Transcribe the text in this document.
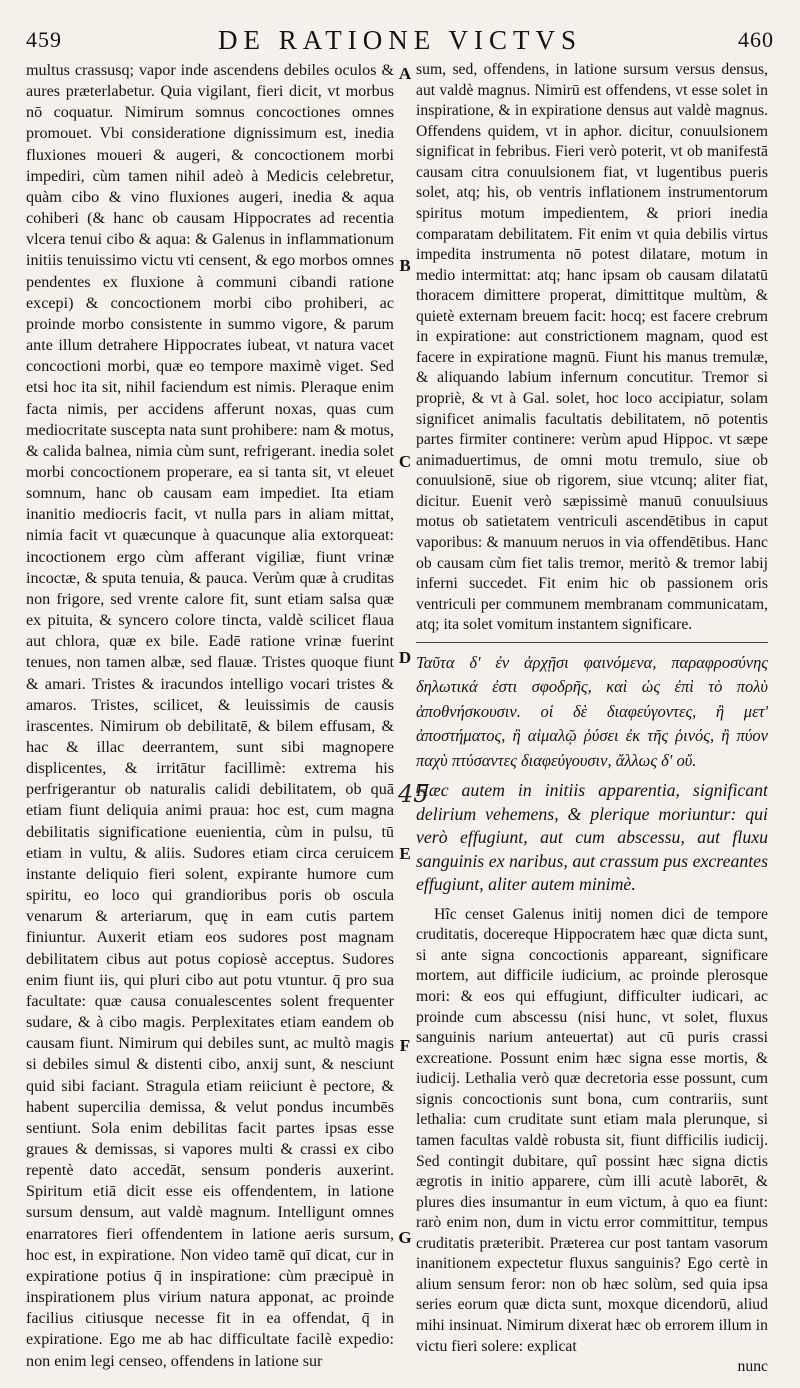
459	DE RATIONE VICTVS	460

multus crassusq; vapor inde ascendens debiles oculos & aures præterlabetur. Quia vigilant, fieri dicit, vt morbus nō coquatur. Nimirum somnus concoctiones omnes promouet. Vbi consideratione dignissimum est, inedia fluxiones moueri & augeri, & concoctionem morbi impediri, cùm tamen nihil adeò à Medicis celebretur, quàm cibo & vino fluxiones augeri, inedia & aqua cohiberi (& hanc ob causam Hippocrates ad recentia vlcera tenui cibo & aqua: & Galenus in inflammationum initiis tenuissimo victu vti censent, & ego morbos omnes pendentes ex fluxione à communi cibandi ratione excepi) & concoctionem morbi cibo prohiberi, ac proinde morbo consistente in summo vigore, & parum ante illum detrahere Hippocrates iubeat, vt natura vacet concoctioni morbi, quæ eo tempore maximè viget. Sed etsi hoc ita sit, nihil faciendum est nimis. Pleraque enim facta nimis, per accidens afferunt noxas, quas cum mediocritate suscepta nata sunt prohibere: nam & motus, & calida balnea, nimia cùm sunt, refrigerant. inedia solet morbi concoctionem properare, ea si tanta sit, vt eleuet somnum, hanc ob causam eam impediet. Ita etiam inanitio mediocris facit, vt nulla pars in aliam mittat, nimia facit vt quæcunque à quacunque alia extorqueat: incoctionem ergo cùm afferant vigiliæ, fiunt vrinæ incoctæ, & sputa tenuia, & pauca. Verùm quæ à cruditas non frigore, sed vrente calore fit, sunt etiam salsa quæ ex pituita, & syncero colore tincta, valdè scilicet flaua aut chlora, quæ ex bile. Eadē ratione vrinæ fuerint tenues, non tamen albæ, sed flauæ. Tristes quoque fiunt & amari. Tristes & iracundos intelligo vocari tristes & amaros. Tristes, scilicet, & leuissimis de causis irascentes. Nimirum ob debilitatē, & bilem effusam, & hac & illac deerrantem, sunt sibi magnopere displicentes, & irritātur facillimè: extrema his perfrigerantur ob naturalis calidi debilitatem, ob quā etiam fiunt deliquia animi praua: hoc est, cum magna debilitatis significatione euenientia, cùm in pulsu, tū etiam in vultu, & aliis. Sudores etiam circa ceruicem instante deliquio fieri solent, expirante humore cum spiritu, eo loco qui grandioribus poris ob oscula venarum & arteriarum, quę in eam cutis partem finiuntur. Auxerit etiam eos sudores post magnam debilitatem cibus aut potus copiosè acceptus. Sudores enim fiunt iis, qui pluri cibo aut potu vtuntur. q̄ pro sua facultate: quæ causa conualescentes solent frequenter sudare, & à cibo magis. Perplexitates etiam eandem ob causam fiunt. Nimirum qui debiles sunt, ac multò magis si debiles simul & distenti cibo, anxij sunt, & nesciunt quid sibi faciant. Stragula etiam reiiciunt è pectore, & habent supercilia demissa, & velut pondus incumbēs sentiunt. Sola enim debilitas facit partes ipsas esse graues & demissas, si vapores multi & crassi ex cibo repentè dato accedāt, sensum ponderis auxerint. Spiritum etiā dicit esse eis offendentem, in latione sursum densum, aut valdè magnum. Intelligunt omnes enarratores fieri offendentem in latione aeris sursum, hoc est, in expiratione. Non video tamē quī dicat, cur in expiratione potius q̄ in inspiratione: cùm præcipuè in inspirationem plus virium natura apponat, ac proinde facilius citiusque necesse fit in ea offendat, q̄ in expiratione. Ego me ab hac difficultate facilè expedio: non enim legi censeo, offendens in latione sur

A
B
C
D
E
F
G
45

sum, sed, offendens, in latione sursum versus densus, aut valdè magnus. Nimirū est offendens, vt esse solet in inspiratione, & in expiratione densus aut valdè magnus. Offendens quidem, vt in aphor. dicitur, conuulsionem significat in febribus. Fieri verò poterit, vt ob manifestā causam citra conuulsionem fiat, vt lugentibus pueris solet, atq; his, ob ventris inflationem instrumentorum spiritus motum impedientem, & priori inedia comparatam debilitatem. Fit enim vt quia debilis virtus impedita instrumenta nō potest dilatare, motum in medio intermittat: atq; hanc ipsam ob causam dilatatū thoracem dimittere properat, dimittitque multùm, & quietè externam breuem facit: hocq; est facere crebrum in expiratione: aut constrictionem magnam, quod est facere in expiratione magnū. Fiunt his manus tremulæ, & aliquando labium infernum concutitur. Tremor si propriè, & vt à Gal. solet, hoc loco accipiatur, solam significet animalis facultatis debilitatem, nō potentis partes firmiter continere: verùm apud Hippoc. vt sæpe animaduertimus, de omni motu tremulo, siue ob conuulsionē, siue ob rigorem, siue vtcunq; aliter fiat, dicitur. Euenit verò sæpissimè manuū conuulsiuus motus ob satietatem ventriculi ascendētibus in caput vaporibus: & manuum neruos in via offendētibus. Hanc ob causam cùm fiet talis tremor, meritò & tremor labij inferni succedet. Fit enim hic ob passionem oris ventriculi per communem membranam communicatam, atq; ita solet vomitum instantem significare.

Ταῦτα δ' ἐν ἀρχῇσι φαινόμενα, παραφροσύνης δηλωτικά ἐστι σφοδρῆς, καὶ ὡς ἐπὶ τὸ πολὺ ἀποθνήσκουσιν. οἱ δὲ διαφεύγοντες, ἢ μετ' ἀποστήματος, ἢ αἱμαλῷ ῥύσει ἐκ τῆς ῥινός, ἢ πύον παχὺ πτύσαντες διαφεύγουσιν, ἄλλως δ' οὔ.

Hæc autem in initiis apparentia, significant delirium vehemens, & plerique moriuntur: qui verò effugiunt, aut cum abscessu, aut fluxu sanguinis ex naribus, aut crassum pus excreantes effugiunt, aliter autem minimè.

Hîc censet Galenus initij nomen dici de tempore cruditatis, docereque Hippocratem hæc quæ dicta sunt, si ante signa concoctionis appareant, significare mortem, aut difficile iudicium, ac proinde plerosque mori: & eos qui effugiunt, difficulter iudicari, ac proinde cum abscessu (nisi hunc, vt solet, fluxus sanguinis narium anteuertat) aut cū puris crassi excreatione. Possunt enim hæc signa esse mortis, & iudicij. Lethalia verò quæ decretoria esse possunt, cum signis concoctionis sunt bona, cum contrariis, sunt lethalia: cum cruditate sunt etiam mala plerunque, si tamen facultas valdè robusta sit, fiunt difficilis iudicij. Sed contingit dubitare, quî possint hæc signa dictis ægrotis in initio apparere, cùm illi acutè laborēt, & plures dies insumantur in eum victum, à quo ea fiunt: rarò enim non, dum in victu error committitur, tempus cruditatis præteribit. Præterea cur post tantam vasorum inanitionem expectetur fluxus sanguinis? Ego certè in alium sensum feror: non ob hæc solùm, sed quia ipsa series eorum quæ dicta sunt, moxque dicendorū, aliud mihi insinuat. Nimirum dixerat hæc ob errorem illum in victu fieri solere: explicat

nunc
